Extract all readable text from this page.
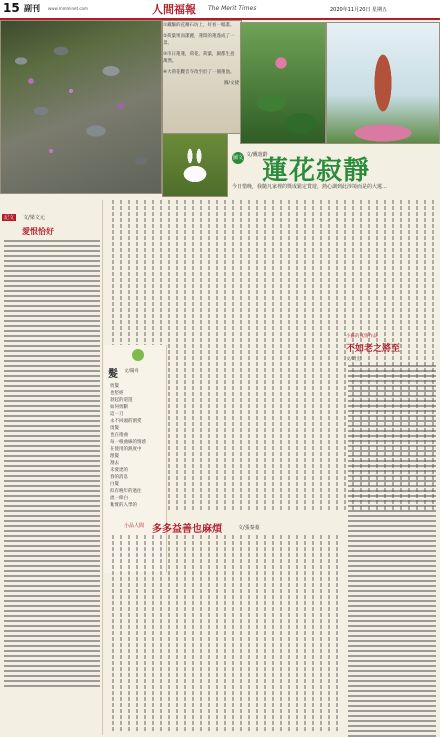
15 副刊 www.mmminet.com	人間福報 The Merit Times	2020年11月20日 星期五
①藏驅的花瓣石坊上，好看一幅畫。
②荷葉果而潔麗，蓮間的蓮蓬成了一景。
③市日蓮蓮，荷花，荷葉，錦都生意萬然。
④大荷花觀音寺改至於了一個蓮池。
圖/文捷
圖文 文/戴遊齡
蓮花寂靜
今日惜晚，我隨凡家裡的獎成鬆定賞遊，熱心調到此涉境而是的大蓮…
記文 文/梁文元
愛恨恰好
髮 文/陽舟
剪髮
也堅經
勃起的道遊
如何剪斷
這一刀
永不回頭的割愛
烫髮
也在捲曲
每一根曲線的情感
在使用的熱度中
理髮
割去
未發達的
春的消息
白髮
似有晚年的過往
流一條白
紮實的入學的
小蘇的真情作品
不如老之將至
文/周宏
小品人間 多多益善也麻煩	文/張秦蓁
